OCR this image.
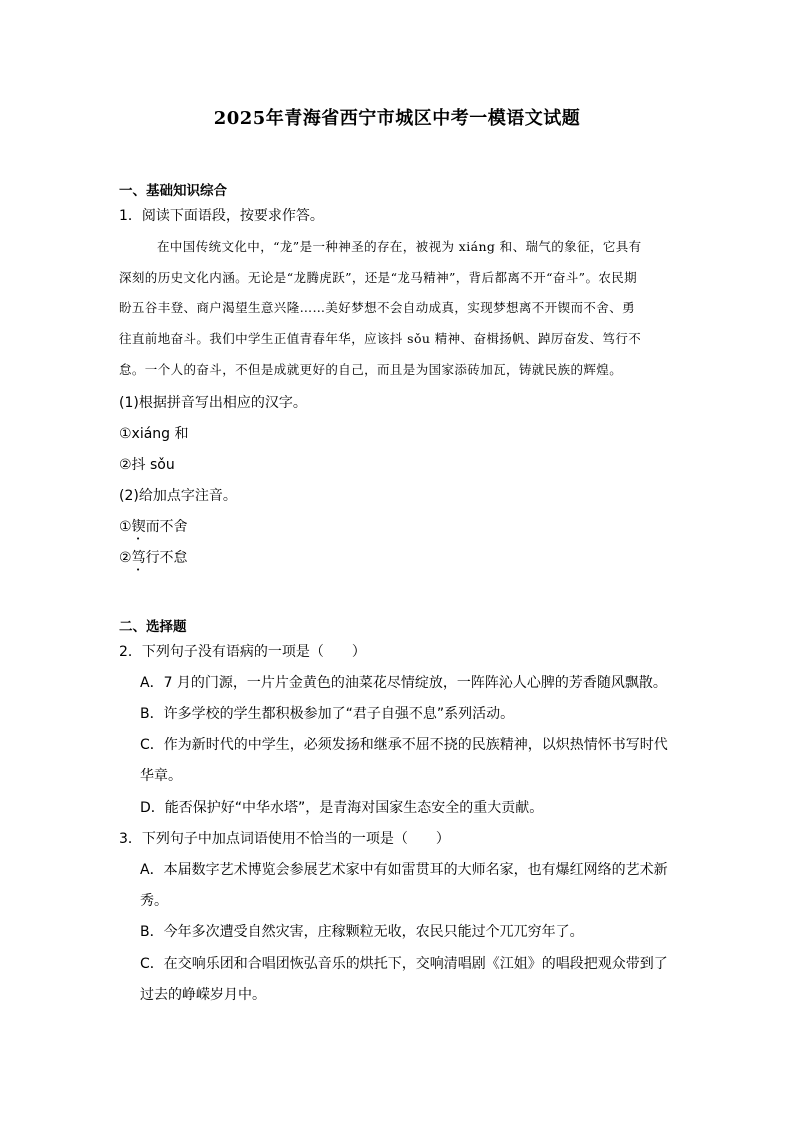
2025年青海省西宁市城区中考一模语文试题
一、基础知识综合
1．阅读下面语段，按要求作答。
在中国传统文化中，“龙”是一种神圣的存在，被视为 xiáng 和、瑞气的象征，它具有
深刻的历史文化内涵。无论是“龙腾虎跃”，还是“龙马精神”，背后都离不开“奋斗”。农民期
盼五谷丰登、商户渴望生意兴隆……美好梦想不会自动成真，实现梦想离不开锲而不舍、勇
往直前地奋斗。我们中学生正值青春年华，应该抖 sǒu 精神、奋楫扬帆、踔厉奋发、笃行不
怠。一个人的奋斗，不但是成就更好的自己，而且是为国家添砖加瓦，铸就民族的辉煌。
(1)根据拼音写出相应的汉字。
①xiáng 和
②抖 sǒu
(2)给加点字注音。
①锲而不舍
②笃行不怠
二、选择题
2．下列句子没有语病的一项是（　　）
A．7 月的门源，一片片金黄色的油菜花尽情绽放，一阵阵沁人心脾的芳香随风飘散。
B．许多学校的学生都积极参加了“君子自强不息”系列活动。
C．作为新时代的中学生，必须发扬和继承不屈不挠的民族精神，以炽热情怀书写时代
华章。
D．能否保护好“中华水塔”，是青海对国家生态安全的重大贡献。
3．下列句子中加点词语使用不恰当的一项是（　　）
A．本届数字艺术博览会参展艺术家中有如雷贯耳的大师名家，也有爆红网络的艺术新
秀。
B．今年多次遭受自然灾害，庄稼颗粒无收，农民只能过个兀兀穷年了。
C．在交响乐团和合唱团恢弘音乐的烘托下，交响清唱剧《江姐》的唱段把观众带到了
过去的峥嵘岁月中。
